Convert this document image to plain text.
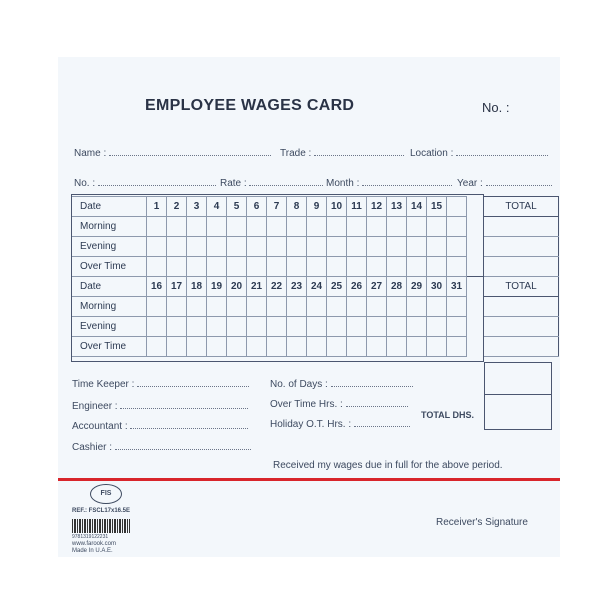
EMPLOYEE WAGES CARD	No. :
Name :	Trade :	Location :
No. :	Rate :	Month :	Year :
Date	1	2	3	4	5	6	7	8	9	10	11	12	13	14	15			TOTAL
Morning																		
Evening																		
Over Time																		
Date	16	17	18	19	20	21	22	23	24	25	26	27	28	29	30	31		TOTAL
Morning																		
Evening																		
Over Time																		
Time Keeper :
Engineer :
Accountant :
Cashier :
No. of Days :
Over Time Hrs. :
Holiday O.T. Hrs. :
TOTAL DHS.
Received my wages due in full for the above period.
FIS
REF.: FSCL17x16.5E
9781319122231
www.farook.com
Made In U.A.E.
Receiver's Signature
